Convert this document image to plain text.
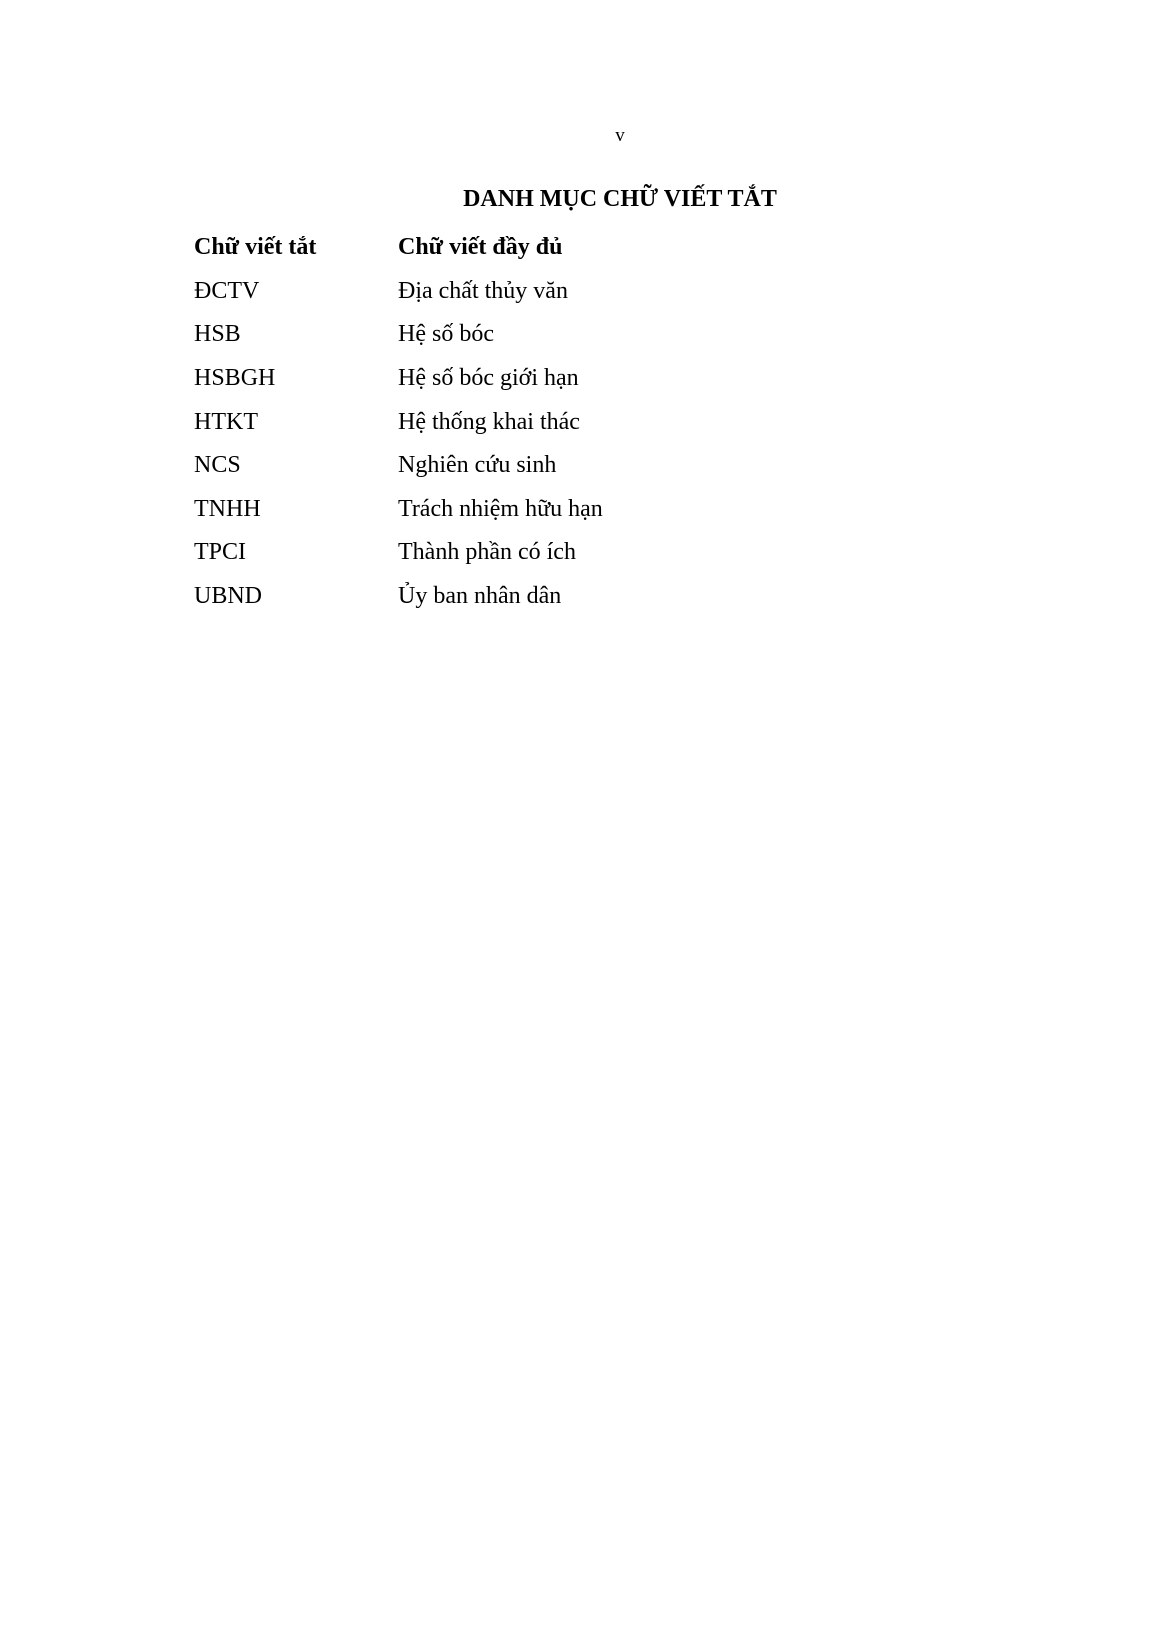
v
DANH MỤC CHỮ VIẾT TẮT
Chữ viết tắt	Chữ viết đầy đủ
ĐCTV	Địa chất thủy văn
HSB	Hệ số bóc
HSBGH	Hệ số bóc giới hạn
HTKT	Hệ thống khai thác
NCS	Nghiên cứu sinh
TNHH	Trách nhiệm hữu hạn
TPCI	Thành phần có ích
UBND	Ủy ban nhân dân
